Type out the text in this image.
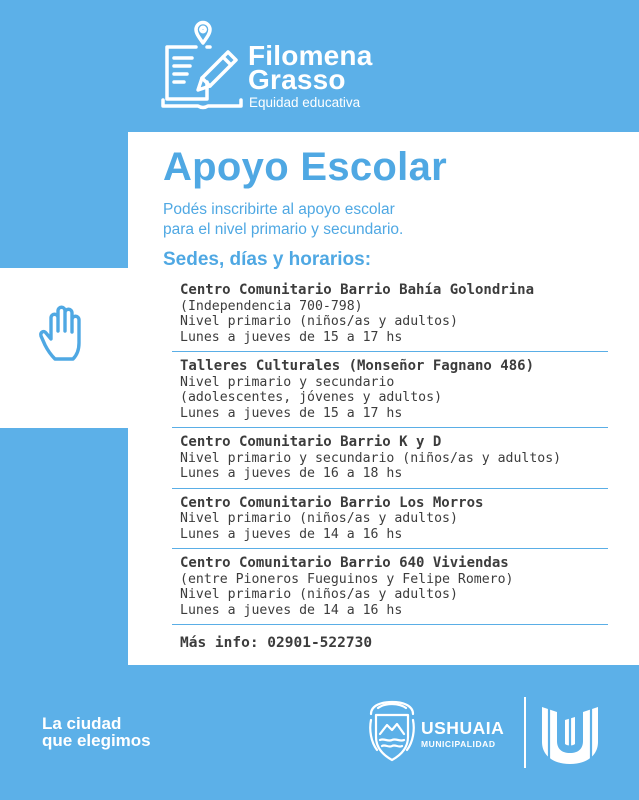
Filomena
Grasso
Equidad educativa
Apoyo Escolar
Podés inscribirte al apoyo escolar
para el nivel primario y secundario.
Sedes, días y horarios:
Centro Comunitario Barrio Bahía Golondrina
(Independencia 700-798)
Nivel primario (niños/as y adultos)
Lunes a jueves de 15 a 17 hs
Talleres Culturales (Monseñor Fagnano 486)
Nivel primario y secundario
(adolescentes, jóvenes y adultos)
Lunes a jueves de 15 a 17 hs
Centro Comunitario Barrio K y D
Nivel primario y secundario (niños/as y adultos)
Lunes a jueves de 16 a 18 hs
Centro Comunitario Barrio Los Morros
Nivel primario (niños/as y adultos)
Lunes a jueves de 14 a 16 hs
Centro Comunitario Barrio 640 Viviendas
(entre Pioneros Fueguinos y Felipe Romero)
Nivel primario (niños/as y adultos)
Lunes a jueves de 14 a 16 hs
Más info: 02901-522730
La ciudad
que elegimos
USHUAIA
MUNICIPALIDAD
